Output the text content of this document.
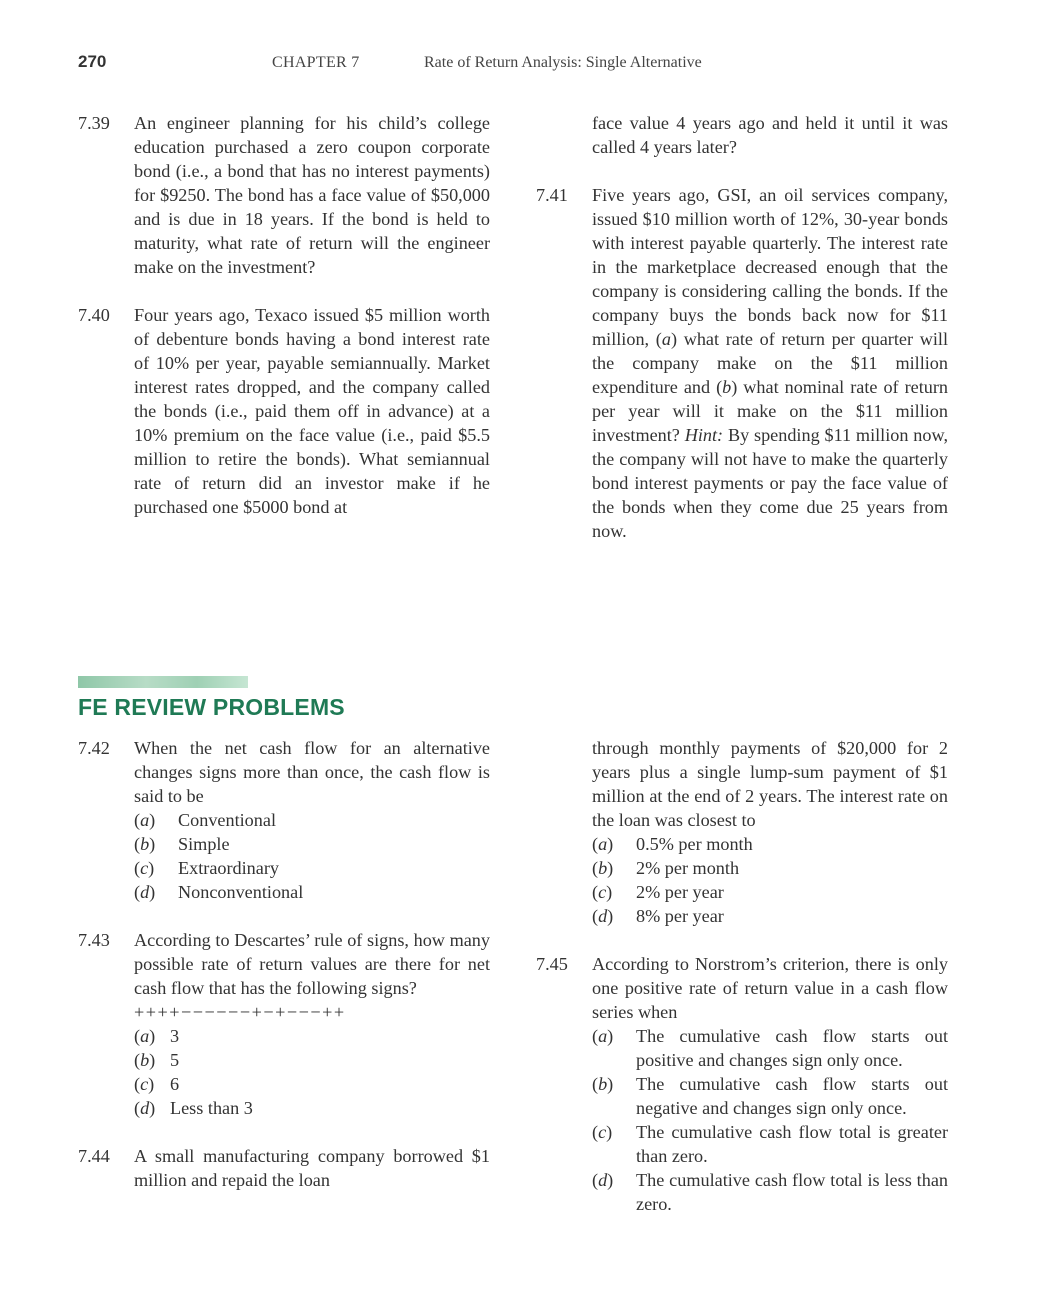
270	CHAPTER 7	Rate of Return Analysis: Single Alternative
7.39 An engineer planning for his child’s college education purchased a zero coupon corporate bond (i.e., a bond that has no interest payments) for $9250. The bond has a face value of $50,000 and is due in 18 years. If the bond is held to maturity, what rate of return will the engineer make on the investment?
7.40 Four years ago, Texaco issued $5 million worth of debenture bonds having a bond interest rate of 10% per year, payable semiannually. Market interest rates dropped, and the company called the bonds (i.e., paid them off in advance) at a 10% premium on the face value (i.e., paid $5.5 million to retire the bonds). What semiannual rate of return did an investor make if he purchased one $5000 bond at
face value 4 years ago and held it until it was called 4 years later?
7.41 Five years ago, GSI, an oil services company, issued $10 million worth of 12%, 30-year bonds with interest payable quarterly. The interest rate in the marketplace decreased enough that the company is considering calling the bonds. If the company buys the bonds back now for $11 million, (a) what rate of return per quarter will the company make on the $11 million expenditure and (b) what nominal rate of return per year will it make on the $11 million investment? Hint: By spending $11 million now, the company will not have to make the quarterly bond interest payments or pay the face value of the bonds when they come due 25 years from now.
FE REVIEW PROBLEMS
7.42 When the net cash flow for an alternative changes signs more than once, the cash flow is said to be
(a) Conventional
(b) Simple
(c) Extraordinary
(d) Nonconventional
7.43 According to Descartes’ rule of signs, how many possible rate of return values are there for net cash flow that has the following signs?
++++−−−−−−+−+−−−++
(a) 3
(b) 5
(c) 6
(d) Less than 3
7.44 A small manufacturing company borrowed $1 million and repaid the loan
through monthly payments of $20,000 for 2 years plus a single lump-sum payment of $1 million at the end of 2 years. The interest rate on the loan was closest to
(a) 0.5% per month
(b) 2% per month
(c) 2% per year
(d) 8% per year
7.45 According to Norstrom’s criterion, there is only one positive rate of return value in a cash flow series when
(a) The cumulative cash flow starts out positive and changes sign only once.
(b) The cumulative cash flow starts out negative and changes sign only once.
(c) The cumulative cash flow total is greater than zero.
(d) The cumulative cash flow total is less than zero.
